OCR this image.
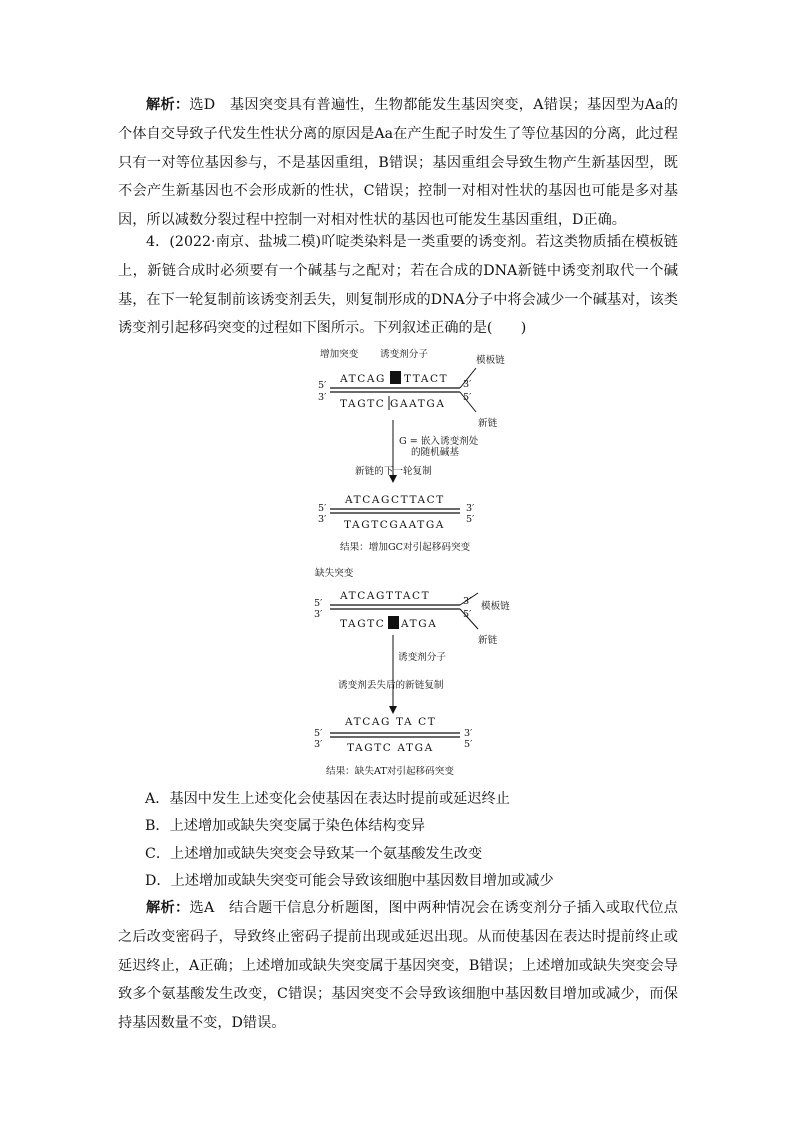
解析：选D　基因突变具有普遍性，生物都能发生基因突变，A错误；基因型为Aa的个体自交导致子代发生性状分离的原因是Aa在产生配子时发生了等位基因的分离，此过程只有一对等位基因参与，不是基因重组，B错误；基因重组会导致生物产生新基因型，既不会产生新基因也不会形成新的性状，C错误；控制一对相对性状的基因也可能是多对基因，所以减数分裂过程中控制一对相对性状的基因也可能发生基因重组，D正确。
4．(2022·南京、盐城二模)吖啶类染料是一类重要的诱变剂。若这类物质插在模板链上，新链合成时必须要有一个碱基与之配对；若在合成的DNA新链中诱变剂取代一个碱基，在下一轮复制前该诱变剂丢失，则复制形成的DNA分子中将会减少一个碱基对，该类诱变剂引起移码突变的过程如下图所示。下列叙述正确的是(　　)
增加突变 诱变剂分子
模板链
5′
3′
ATCAG TTACT 3′
5′
TAGTC GAATGA
新链
G = 嵌入诱变剂处
的随机碱基
新链的下一轮复制
ATCAGCTTACT
5′
3′
3′
5′
TAGTCGAATGA
结果：增加GC对引起移码突变
缺失突变
模板链
ATCAGTTACT
5′
3′
3′
5′
TAGTC ATGA
新链
诱变剂分子
诱变剂丢失后的新链复制
ATCAG TA CT
5′
3′
3′
5′
TAGTC ATGA
结果：缺失AT对引起移码突变
A．基因中发生上述变化会使基因在表达时提前或延迟终止
B．上述增加或缺失突变属于染色体结构变异
C．上述增加或缺失突变会导致某一个氨基酸发生改变
D．上述增加或缺失突变可能会导致该细胞中基因数目增加或减少
解析：选A　结合题干信息分析题图，图中两种情况会在诱变剂分子插入或取代位点之后改变密码子，导致终止密码子提前出现或延迟出现。从而使基因在表达时提前终止或延迟终止，A正确；上述增加或缺失突变属于基因突变，B错误；上述增加或缺失突变会导致多个氨基酸发生改变，C错误；基因突变不会导致该细胞中基因数目增加或减少，而保持基因数量不变，D错误。
